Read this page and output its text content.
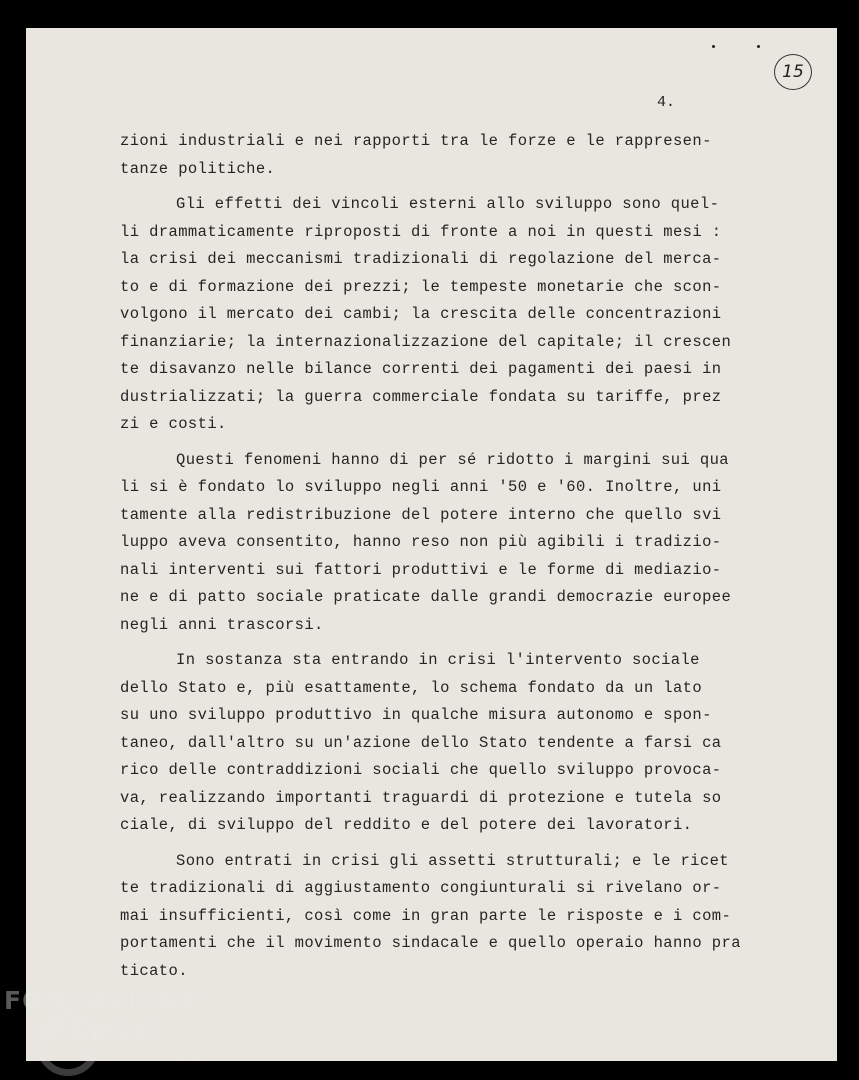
15
4.
zioni industriali e nei rapporti tra le forze e le rappresen-
tanze politiche.
Gli effetti dei vincoli esterni allo sviluppo sono quel-
li drammaticamente riproposti di fronte a noi in questi mesi :
la crisi dei meccanismi tradizionali di regolazione del merca-
to e di formazione dei prezzi; le tempeste monetarie che scon-
volgono il mercato dei cambi; la crescita delle concentrazioni
finanziarie; la internazionalizzazione del capitale; il crescen
te disavanzo nelle bilance correnti dei pagamenti dei paesi in
dustrializzati; la guerra commerciale fondata su tariffe, prez
zi e costi.
Questi fenomeni hanno di per sé ridotto i margini sui qua
li si è fondato lo sviluppo negli anni '50 e '60. Inoltre, uni
tamente alla redistribuzione del potere interno che quello svi
luppo aveva consentito, hanno reso non più agibili i tradizio-
nali interventi sui fattori produttivi e le forme di mediazio-
ne e di patto sociale praticate dalle grandi democrazie europee
negli anni trascorsi.
In sostanza sta entrando in crisi l'intervento sociale
dello Stato e, più esattamente, lo schema fondato da un lato
su uno sviluppo produttivo in qualche misura autonomo e spon-
taneo, dall'altro su un'azione dello Stato tendente a farsi ca
rico delle contraddizioni sociali che quello sviluppo provoca-
va, realizzando importanti traguardi di protezione e tutela so
ciale, di sviluppo del reddito e del potere dei lavoratori.
Sono entrati in crisi gli assetti strutturali; e le ricet
te tradizionali di aggiustamento congiunturali si rivelano or-
mai insufficienti, così come in gran parte le risposte e i com-
portamenti che il movimento sindacale e quello operaio hanno pra
ticato.
FONDAZIONE
RAMSCI
onlus
